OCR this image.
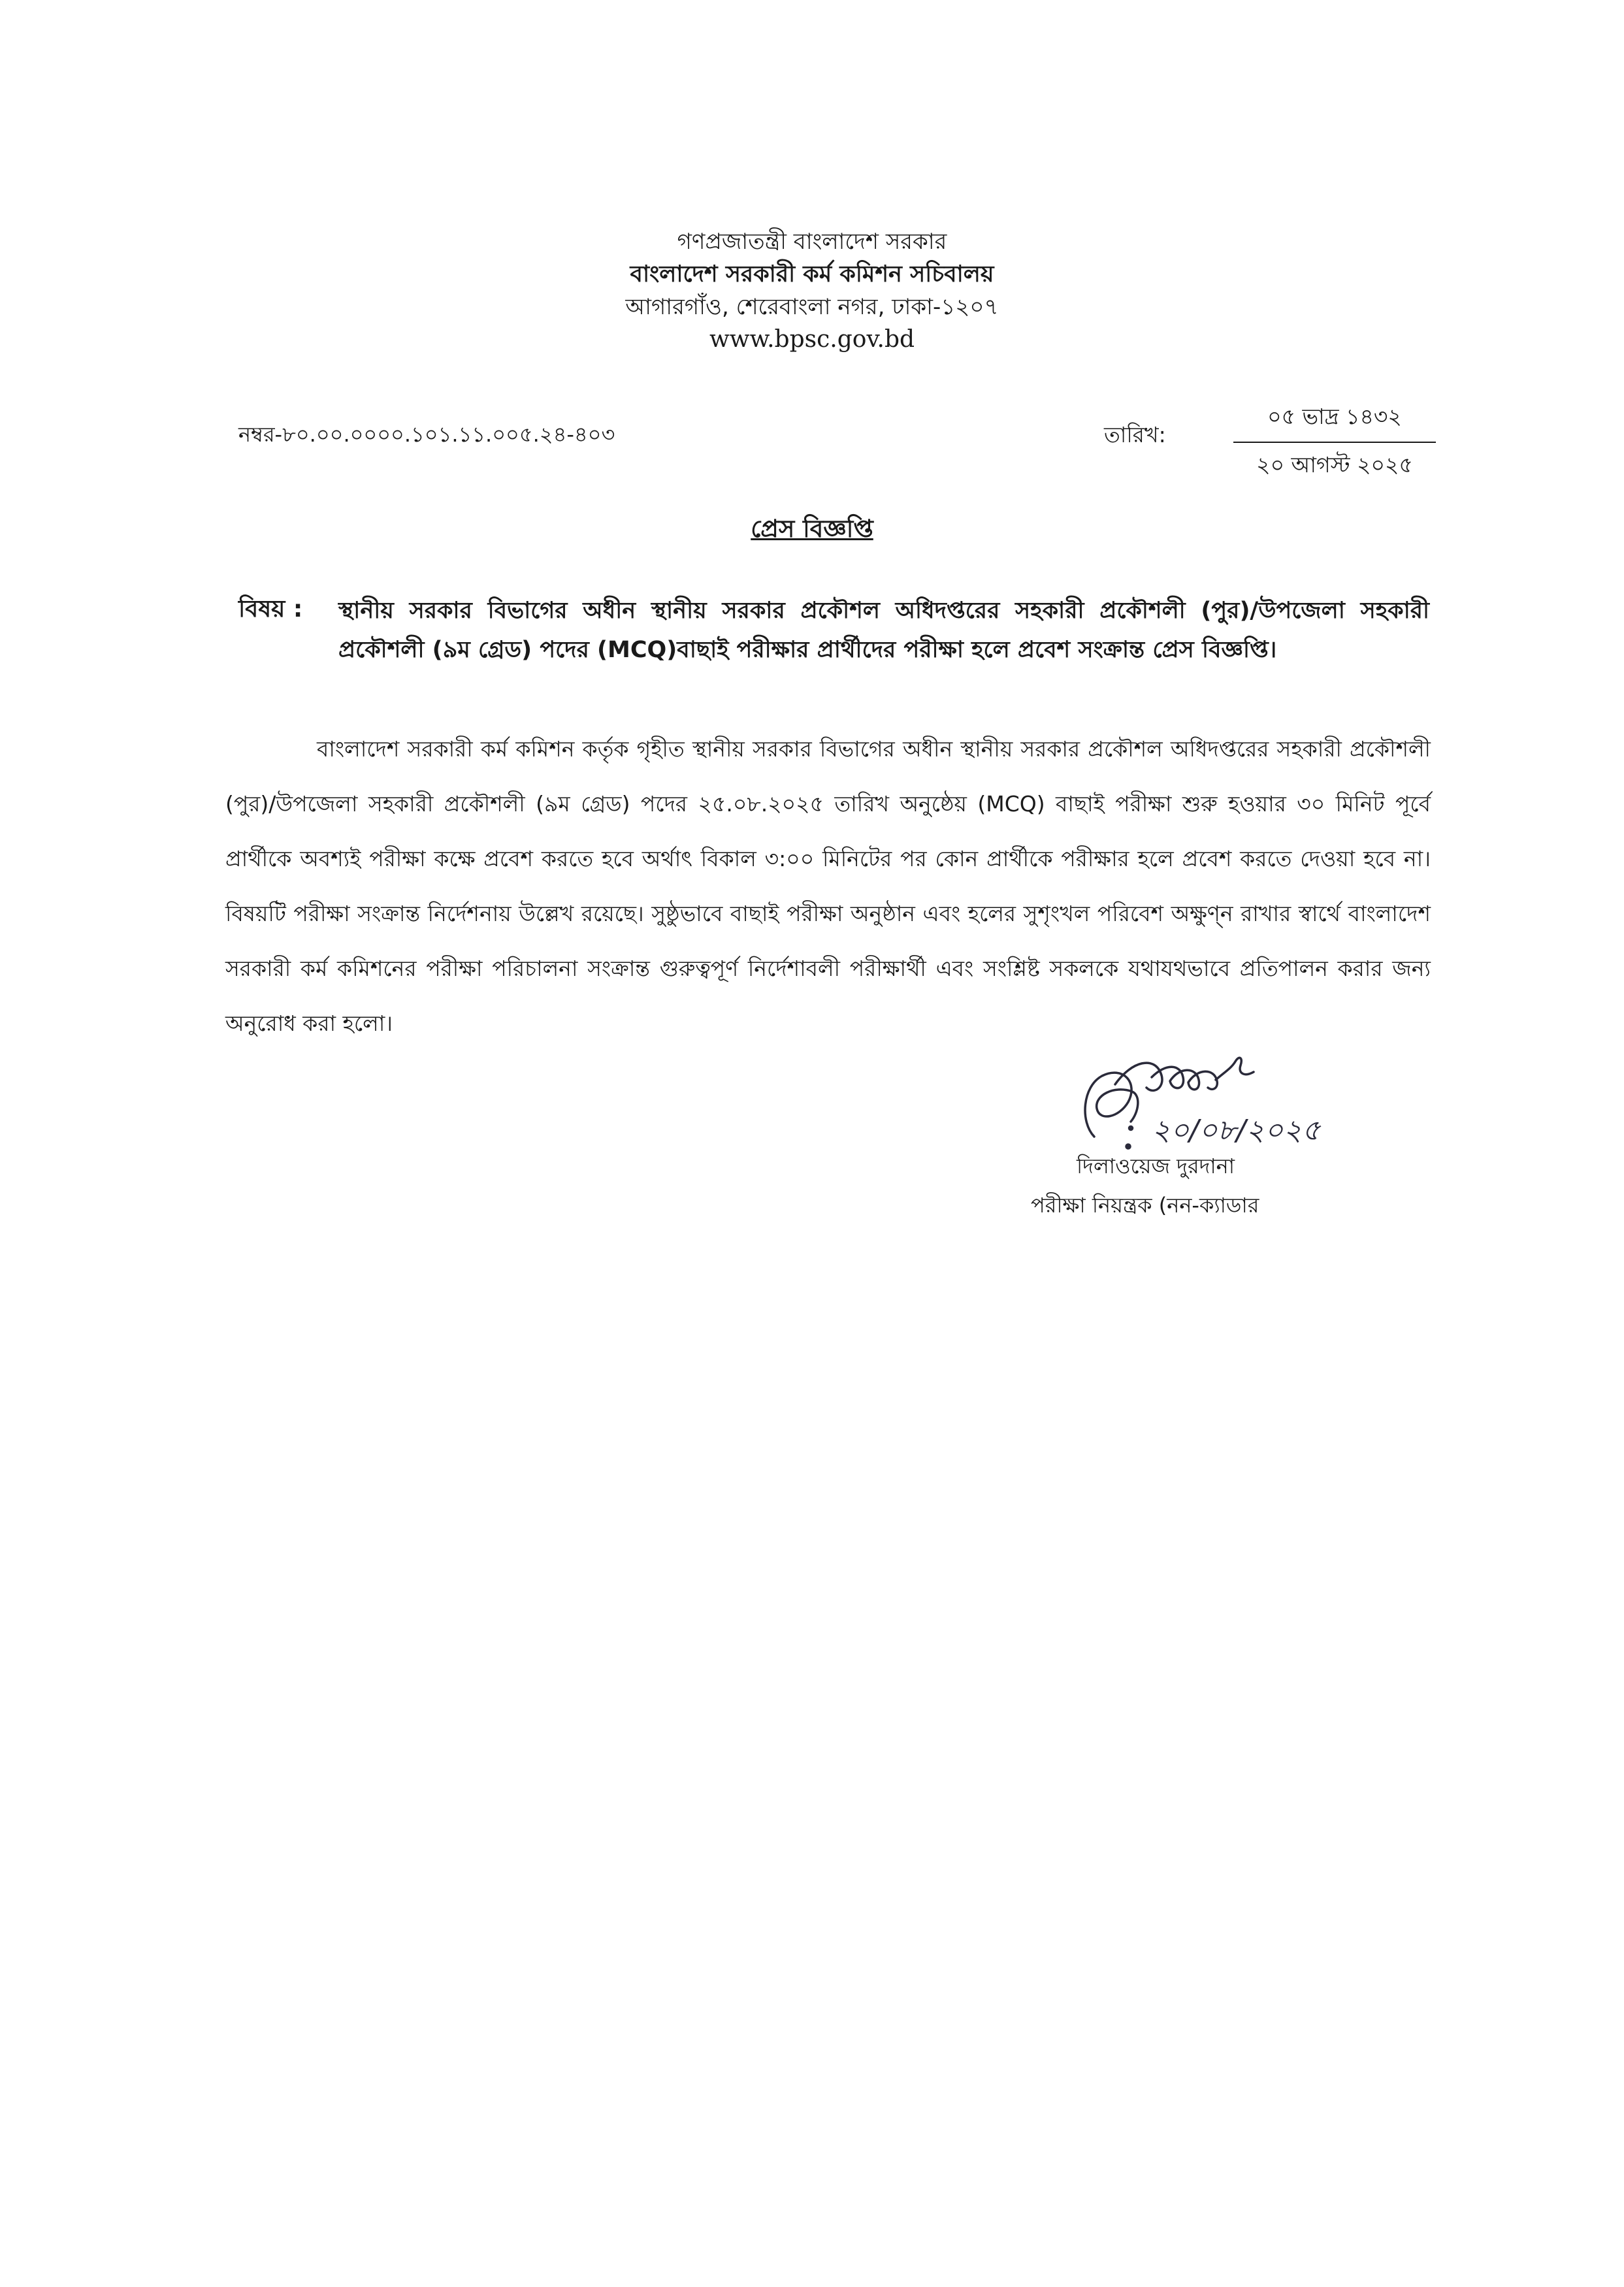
গণপ্রজাতন্ত্রী বাংলাদেশ সরকার
বাংলাদেশ সরকারী কর্ম কমিশন সচিবালয়
আগারগাঁও, শেরেবাংলা নগর, ঢাকা-১২০৭
www.bpsc.gov.bd
নম্বর-৮০.০০.০০০০.১০১.১১.০০৫.২৪-৪০৩	তারিখ:
০৫ ভাদ্র ১৪৩২
২০ আগস্ট ২০২৫
প্রেস বিজ্ঞপ্তি
বিষয় : স্থানীয় সরকার বিভাগের অধীন স্থানীয় সরকার প্রকৌশল অধিদপ্তরের সহকারী প্রকৌশলী (পুর)/উপজেলা সহকারী প্রকৌশলী (৯ম গ্রেড) পদের (MCQ)বাছাই পরীক্ষার প্রার্থীদের পরীক্ষা হলে প্রবেশ সংক্রান্ত প্রেস বিজ্ঞপ্তি।
বাংলাদেশ সরকারী কর্ম কমিশন কর্তৃক গৃহীত স্থানীয় সরকার বিভাগের অধীন স্থানীয় সরকার প্রকৌশল অধিদপ্তরের সহকারী প্রকৌশলী (পুর)/উপজেলা সহকারী প্রকৌশলী (৯ম গ্রেড) পদের ২৫.০৮.২০২৫ তারিখ অনুষ্ঠেয় (MCQ) বাছাই পরীক্ষা শুরু হওয়ার ৩০ মিনিট পূর্বে প্রার্থীকে অবশ্যই পরীক্ষা কক্ষে প্রবেশ করতে হবে অর্থাৎ বিকাল ৩:০০ মিনিটের পর কোন প্রার্থীকে পরীক্ষার হলে প্রবেশ করতে দেওয়া হবে না। বিষয়টি পরীক্ষা সংক্রান্ত নির্দেশনায় উল্লেখ রয়েছে। সুষ্ঠুভাবে বাছাই পরীক্ষা অনুষ্ঠান এবং হলের সুশৃংখল পরিবেশ অক্ষুণ্ন রাখার স্বার্থে বাংলাদেশ সরকারী কর্ম কমিশনের পরীক্ষা পরিচালনা সংক্রান্ত গুরুত্বপূর্ণ নির্দেশাবলী পরীক্ষার্থী এবং সংশ্লিষ্ট সকলকে যথাযথভাবে প্রতিপালন করার জন্য অনুরোধ করা হলো।
২০/০৮/২০২৫
দিলাওয়েজ দুরদানা
পরীক্ষা নিয়ন্ত্রক (নন-ক্যাডার
